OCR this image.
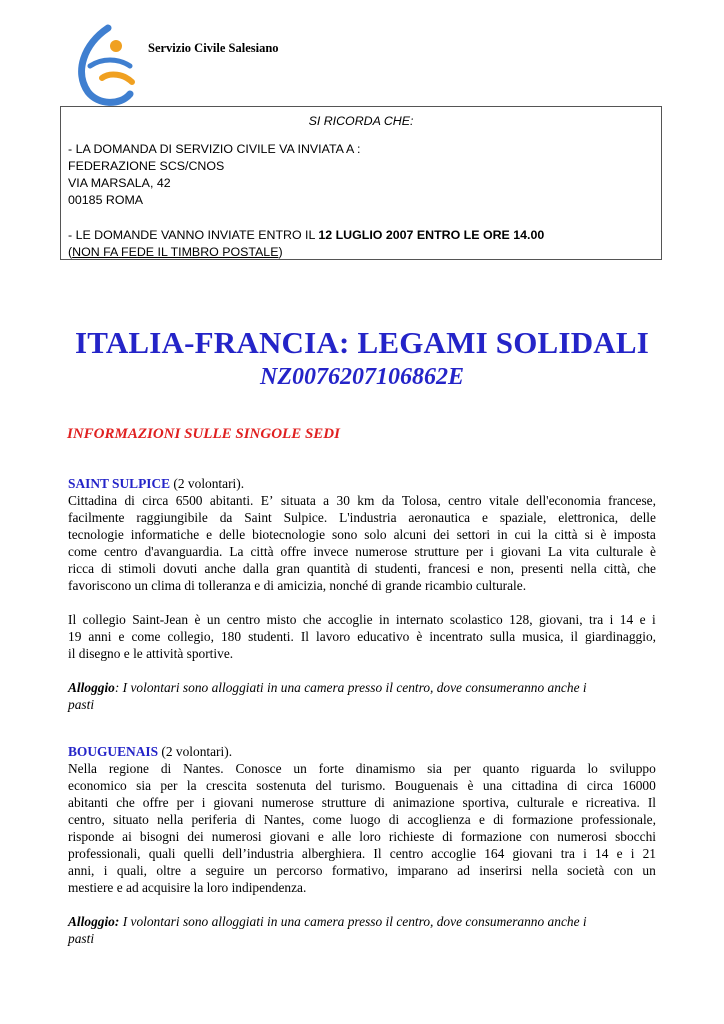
Servizio Civile Salesiano
SI RICORDA CHE:
- LA DOMANDA DI SERVIZIO CIVILE VA INVIATA A :
FEDERAZIONE SCS/CNOS
VIA MARSALA, 42
00185 ROMA
- LE DOMANDE VANNO INVIATE ENTRO IL 12 LUGLIO 2007 ENTRO LE ORE 14.00
(NON FA FEDE IL TIMBRO POSTALE)
ITALIA-FRANCIA: LEGAMI SOLIDALI
NZ0076207106862E
INFORMAZIONI SULLE SINGOLE SEDI
SAINT SULPICE (2 volontari).
Cittadina di circa 6500 abitanti. E’ situata a 30 km da Tolosa, centro vitale dell'economia francese,
facilmente raggiungibile da Saint Sulpice. L'industria aeronautica e spaziale, elettronica, delle
tecnologie informatiche e delle biotecnologie sono solo alcuni dei settori in cui la città si è imposta
come centro d'avanguardia. La città offre invece numerose strutture per i giovani La vita culturale è
ricca di stimoli dovuti anche dalla gran quantità di studenti, francesi e non, presenti nella città, che
favoriscono un clima di tolleranza e di amicizia, nonché di grande ricambio culturale.
Il collegio Saint-Jean è un centro misto che accoglie in internato scolastico 128, giovani, tra i 14 e i
19 anni e come collegio, 180 studenti. Il lavoro educativo è incentrato sulla musica, il giardinaggio,
il disegno e le attività sportive.
Alloggio: I volontari sono alloggiati in una camera presso il centro, dove consumeranno anche i
pasti
BOUGUENAIS (2 volontari).
Nella regione di Nantes. Conosce un forte dinamismo sia per quanto riguarda lo sviluppo
economico sia per la crescita sostenuta del turismo. Bouguenais è una cittadina di circa 16000
abitanti che offre per i giovani numerose strutture di animazione sportiva, culturale e ricreativa. Il
centro, situato nella periferia di Nantes, come luogo di accoglienza e di formazione professionale,
risponde ai bisogni dei numerosi giovani e alle loro richieste di formazione con numerosi sbocchi
professionali, quali quelli dell’industria alberghiera. Il centro accoglie 164 giovani tra i 14 e i 21
anni, i quali, oltre a seguire un percorso formativo, imparano ad inserirsi nella società con un
mestiere e ad acquisire la loro indipendenza.
Alloggio: I volontari sono alloggiati in una camera presso il centro, dove consumeranno anche i
pasti
